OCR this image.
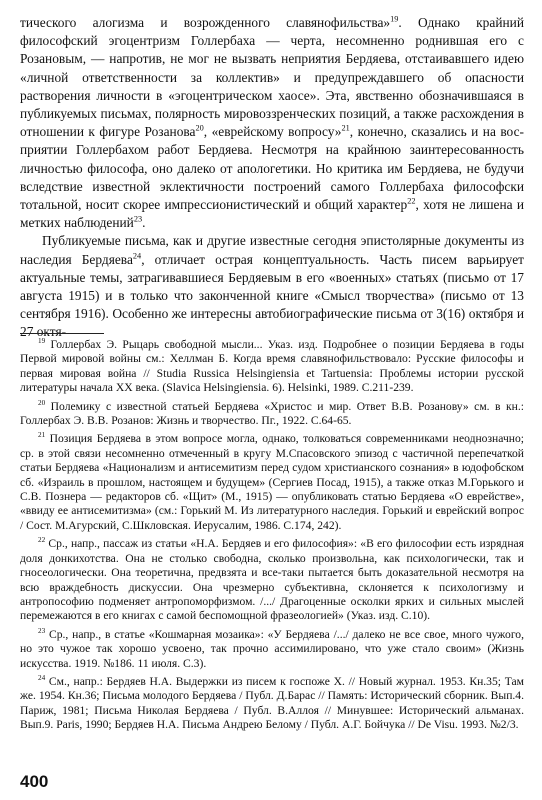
тического алогизма и возрожденного славянофильства»$^{19}$. Однако крайний философский эгоцентризм Голлербаха — черта, несомненно роднившая его с Розановым, — напротив, не мог не вызвать неприятия Бердяева, отстаивавшего идею «личной ответственности за коллектив» и предупреждавшего об опасности растворения личности в «эгоцентрическом хаосе». Эта, явственно обозначившаяся в публикуемых письмах, полярность мировоззренческих позиций, а также расхождения в отношении к фигуре Розанова$^{20}$, «еврейскому вопросу»$^{21}$, конечно, сказались и на восприятии Голлербахом работ Бердяева. Несмотря на крайнюю заинтересованность личностью философа, оно далеко от апологетики. Но критика им Бердяева, не будучи вследствие известной эклектичности построений самого Голлербаха философски тотальной, носит скорее импрессионистический и общий характер$^{22}$, хотя не лишена и метких наблюдений$^{23}$.

Публикуемые письма, как и другие известные сегодня эпистолярные документы из наследия Бердяева$^{24}$, отличает острая концептуальность. Часть писем варьирует актуальные темы, затрагивавшиеся Бердяевым в его «военных» статьях (письмо от 17 августа 1915) и в только что законченной книге «Смысл творчества» (письмо от 13 сентября 1916). Особенно же интересны автобиографические письма от 3(16) октября и 27 октя-

$^{19}$ Голлербах Э. Рыцарь свободной мысли... Указ. изд. Подробнее о позиции Бердяева в годы Первой мировой войны см.: Хеллман Б. Когда время славянофильствовало: Русские философы и первая мировая война // Studia Russica Helsingiensia et Tartuensia: Проблемы истории русской литературы начала XX века. (Slavica Helsingiensia. 6). Helsinki, 1989. С.211-239.

$^{20}$ Полемику с известной статьей Бердяева «Христос и мир. Ответ В.В. Розанову» см. в кн.: Голлербах Э. В.В. Розанов: Жизнь и творчество. Пг., 1922. С.64-65.

$^{21}$ Позиция Бердяева в этом вопросе могла, однако, толковаться современниками неоднозначно; ср. в этой связи несомненно отмеченный в кругу М.Спасовского эпизод с частичной перепечаткой статьи Бердяева «Национализм и антисемитизм перед судом христианского сознания» в юдофобском сб. «Израиль в прошлом, настоящем и будущем» (Сергиев Посад, 1915), а также отказ М.Горького и С.В. Познера — редакторов сб. «Щит» (М., 1915) — опубликовать статью Бердяева «О еврействе», «ввиду ее антисемитизма» (см.: Горький М. Из литературного наследия. Горький и еврейский вопрос / Сост. М.Агурский, С.Шкловская. Иерусалим, 1986. С.174, 242).

$^{22}$ Ср., напр., пассаж из статьи «Н.А. Бердяев и его философия»: «В его философии есть изрядная доля донкихотства. Она не столько свободна, сколько произвольна, как психологически, так и гносеологически. Она теоретична, предвзята и все-таки пытается быть доказательной несмотря на всю враждебность дискуссии. Она чрезмерно субъективна, склоняется к психологизму и антропософию подменяет антропоморфизмом. /.../ Драгоценные осколки ярких и сильных мыслей перемежаются в его книгах с самой беспомощной фразеологией» (Указ. изд. С.10).

$^{23}$ Ср., напр., в статье «Кошмарная мозаика»: «У Бердяева /.../ далеко не все свое, много чужого, но это чужое так хорошо усвоено, так прочно ассимилировано, что уже стало своим» (Жизнь искусства. 1919. №186. 11 июля. С.3).

$^{24}$ См., напр.: Бердяев Н.А. Выдержки из писем к госпоже X. // Новый журнал. 1953. Кн.35; Там же. 1954. Кн.36; Письма молодого Бердяева / Публ. Д.Барас // Память: Исторический сборник. Вып.4. Париж, 1981; Письма Николая Бердяева / Публ. В.Аллоя // Минувшее: Исторический альманах. Вып.9. Paris, 1990; Бердяев Н.А. Письма Андрею Белому / Публ. А.Г. Бойчука // De Visu. 1993. №2/3.

400
